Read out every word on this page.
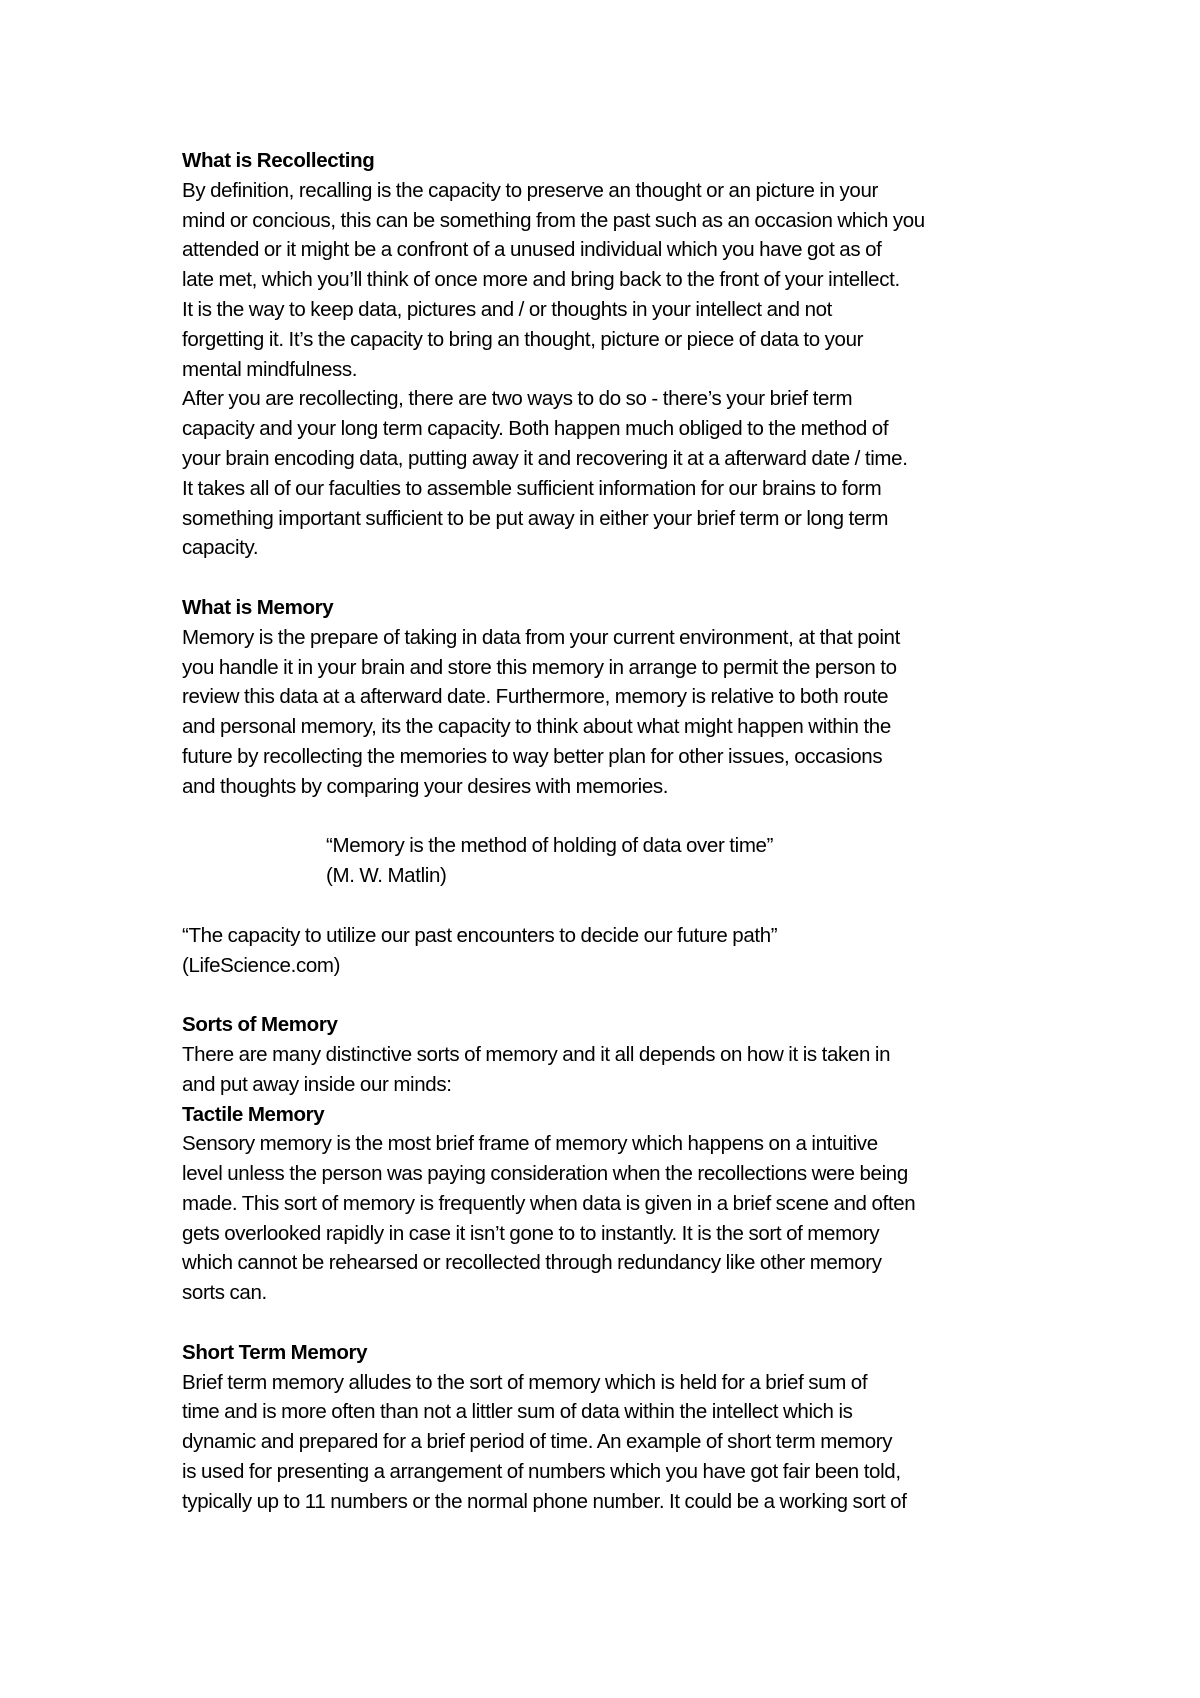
What is Recollecting
By definition, recalling is the capacity to preserve an thought or an picture in your
mind or concious, this can be something from the past such as an occasion which you
attended or it might be a confront of a unused individual which you have got as of
late met, which you’ll think of once more and bring back to the front of your intellect.
It is the way to keep data, pictures and / or thoughts in your intellect and not
forgetting it. It’s the capacity to bring an thought, picture or piece of data to your
mental mindfulness.
After you are recollecting, there are two ways to do so - there’s your brief term
capacity and your long term capacity. Both happen much obliged to the method of
your brain encoding data, putting away it and recovering it at a afterward date / time.
It takes all of our faculties to assemble sufficient information for our brains to form
something important sufficient to be put away in either your brief term or long term
capacity.
What is Memory
Memory is the prepare of taking in data from your current environment, at that point
you handle it in your brain and store this memory in arrange to permit the person to
review this data at a afterward date. Furthermore, memory is relative to both route
and personal memory, its the capacity to think about what might happen within the
future by recollecting the memories to way better plan for other issues, occasions
and thoughts by comparing your desires with memories.
“Memory is the method of holding of data over time”
(M. W. Matlin)
“The capacity to utilize our past encounters to decide our future path”
(LifeScience.com)
Sorts of Memory
There are many distinctive sorts of memory and it all depends on how it is taken in
and put away inside our minds:
Tactile Memory
Sensory memory is the most brief frame of memory which happens on a intuitive
level unless the person was paying consideration when the recollections were being
made. This sort of memory is frequently when data is given in a brief scene and often
gets overlooked rapidly in case it isn’t gone to to instantly. It is the sort of memory
which cannot be rehearsed or recollected through redundancy like other memory
sorts can.
Short Term Memory
Brief term memory alludes to the sort of memory which is held for a brief sum of
time and is more often than not a littler sum of data within the intellect which is
dynamic and prepared for a brief period of time. An example of short term memory
is used for presenting a arrangement of numbers which you have got fair been told,
typically up to 11 numbers or the normal phone number. It could be a working sort of
